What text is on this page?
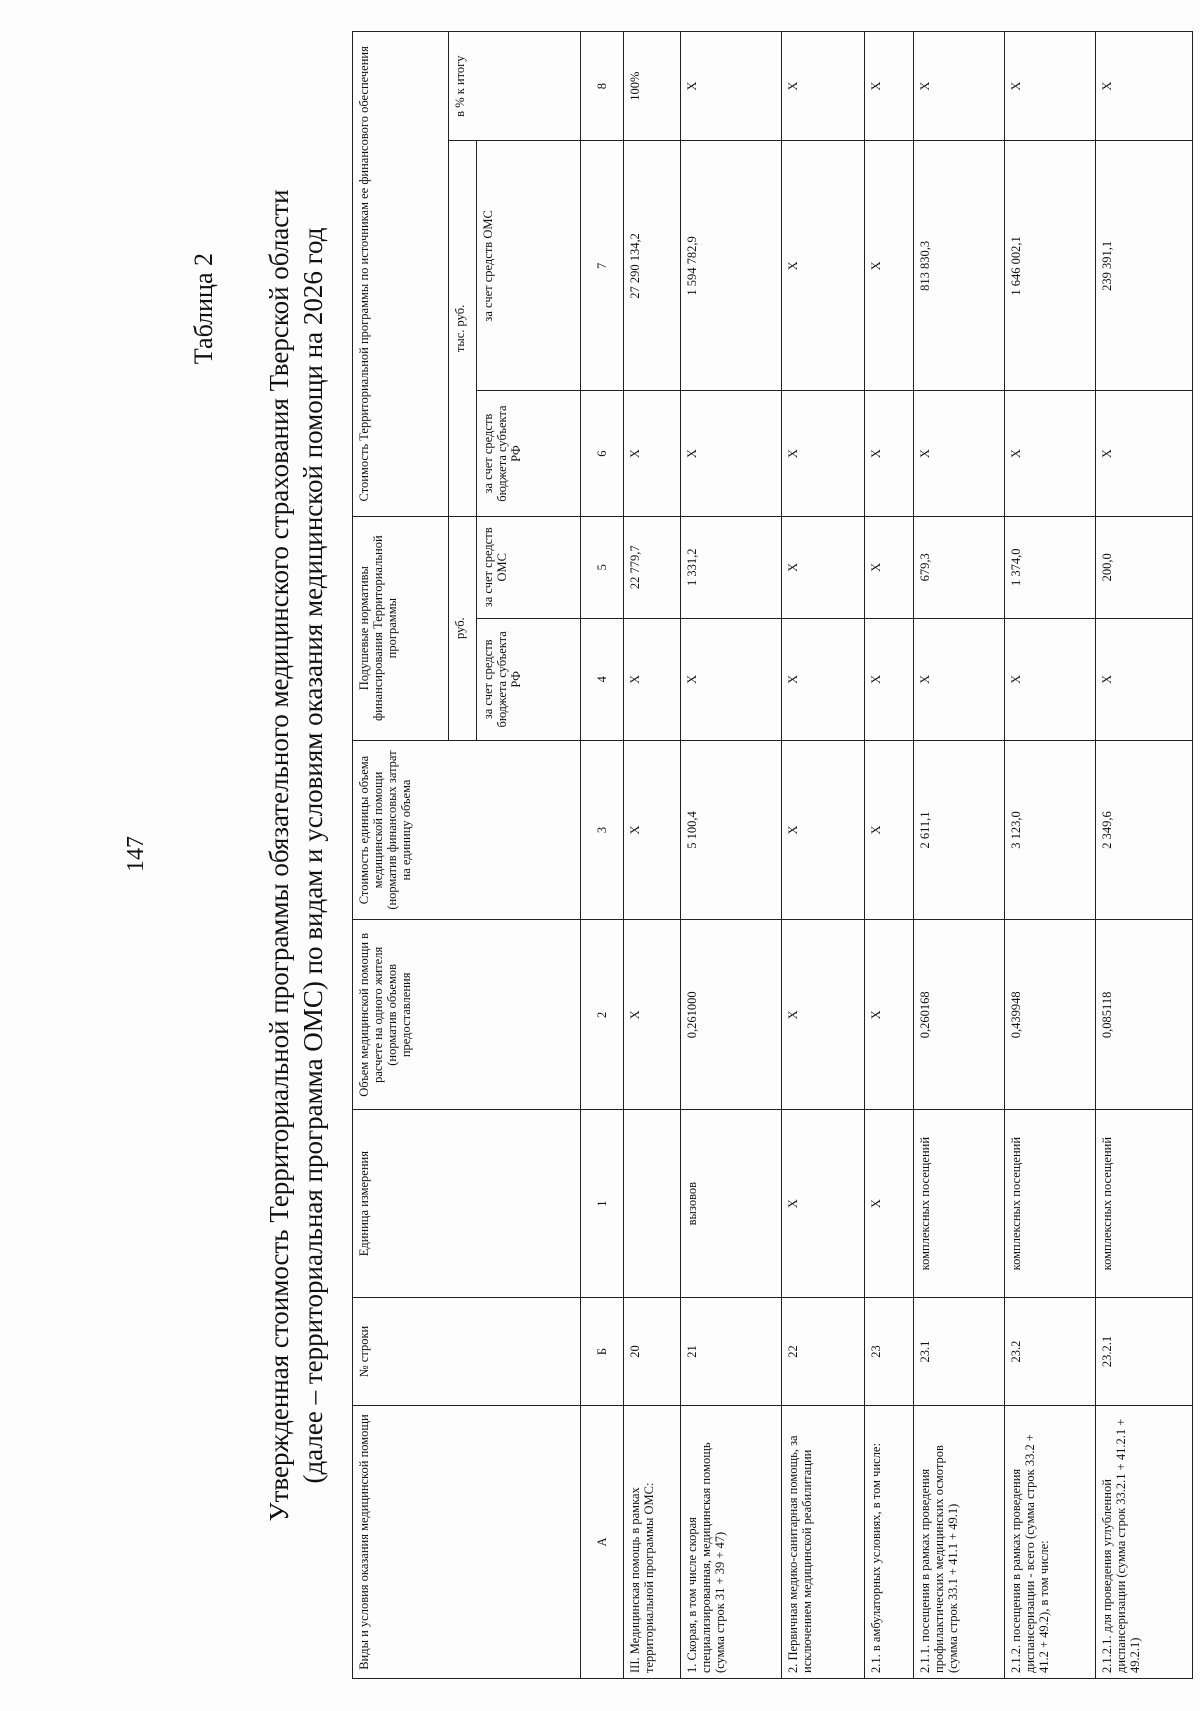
Таблица 2
147	Утвержденная стоимость Территориальной программы обязательного медицинского страхования Тверской области (далее – территориальная программа ОМС) по видам и условиям оказания медицинской помощи на 2026 год
Виды и условия оказания медицинской помощи	№ строки	Единица измерения	Объем медицинской помощи в расчете на одного жителя (норматив объемов предоставления	Стоимость единицы объема медицинской помощи (норматив финансовых затрат на единицу объема	Подушевые нормативы финансирования Территориальной программы		Стоимость Территориальной программы по источникам ее финансового обеспечения		
					руб.		тыс. руб.		в % к итогу
					за счет средств бюджета субъекта РФ	за счет средств ОМС	за счет средств бюджета субъекта РФ	за счет средств ОМС	
А	Б	1	2	3	4	5	6	7	8
III. Медицинская помощь в рамках территориальной программы ОМС:	20		Х	Х	Х	22 779,7	Х	27 290 134,2	100%
1. Скорая, в том числе скорая специализированная, медицинская помощь (сумма строк 31 + 39 + 47)	21	вызовов	0,261000	5 100,4	Х	1 331,2	Х	1 594 782,9	Х
2. Первичная медико-санитарная помощь, за исключением медицинской реабилитации	22	Х	Х	Х	Х	Х	Х	Х	Х
2.1. в амбулаторных условиях, в том числе:	23	Х	Х	Х	Х	Х	Х	Х	Х
2.1.1. посещения в рамках проведения профилактических медицинских осмотров (сумма строк 33.1 + 41.1 + 49.1)	23.1	комплексных посещений	0,260168	2 611,1	Х	679,3	Х	813 830,3	Х
2.1.2. посещения в рамках проведения диспансеризации - всего (сумма строк 33.2 + 41.2 + 49.2), в том числе:	23.2	комплексных посещений	0,439948	3 123,0	Х	1 374,0	Х	1 646 002,1	Х
2.1.2.1. для проведения углубленной диспансеризации (сумма строк 33.2.1 + 41.2.1 + 49.2.1)	23.2.1	комплексных посещений	0,085118	2 349,6	Х	200,0	Х	239 391,1	Х
